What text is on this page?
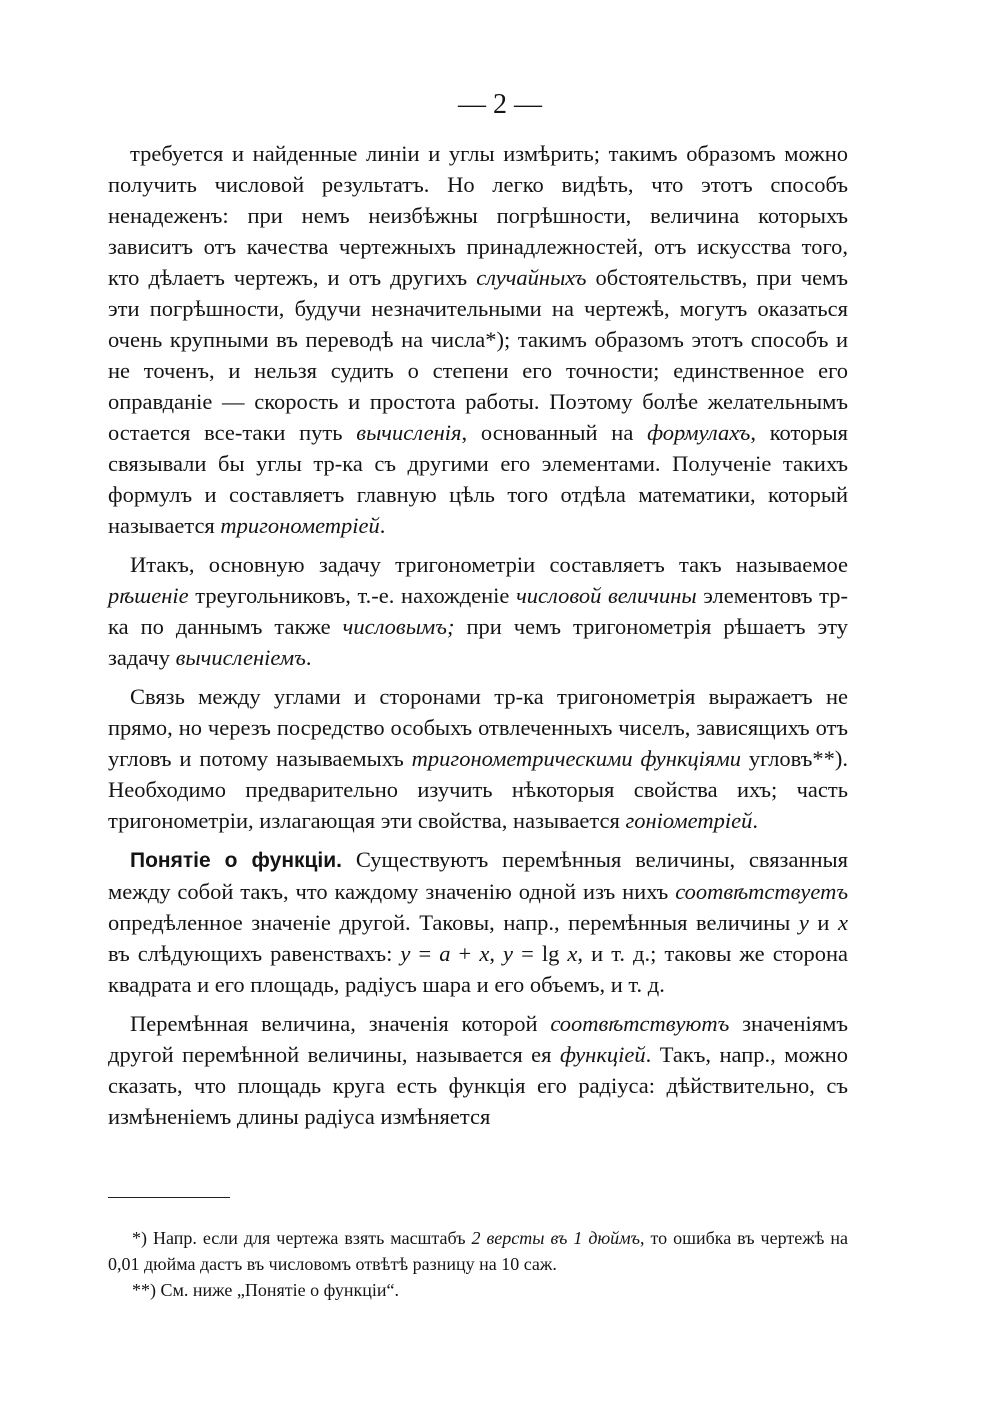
— 2 —

требуется и найденные линіи и углы измѣрить; такимъ образомъ можно получить числовой результатъ. Но легко видѣть, что этотъ способъ ненадеженъ: при немъ неизбѣжны погрѣшности, величина которыхъ зависитъ отъ качества чертежныхъ принадлежностей, отъ искусства того, кто дѣлаетъ чертежъ, и отъ другихъ случайныхъ обстоятельствъ, при чемъ эти погрѣшности, будучи незначительными на чертежѣ, могутъ оказаться очень крупными въ переводѣ на числа*); такимъ образомъ этотъ способъ и не точенъ, и нельзя судить о степени его точности; единственное его оправданіе — скорость и простота работы. Поэтому болѣе желательнымъ остается все-таки путь вычисленія, основанный на формулахъ, которыя связывали бы углы тр-ка съ другими его элементами. Полученіе такихъ формулъ и составляетъ главную цѣль того отдѣла математики, который называется тригонометріей.

Итакъ, основную задачу тригонометріи составляетъ такъ называемое рѣшеніе треугольниковъ, т.-е. нахожденіе числовой величины элементовъ тр-ка по даннымъ также числовымъ; при чемъ тригонометрія рѣшаетъ эту задачу вычисленіемъ.

Связь между углами и сторонами тр-ка тригонометрія выражаетъ не прямо, но черезъ посредство особыхъ отвлеченныхъ чиселъ, зависящихъ отъ угловъ и потому называемыхъ тригонометрическими функціями угловъ**). Необходимо предварительно изучить нѣкоторыя свойства ихъ; часть тригонометріи, излагающая эти свойства, называется гоніометріей.

Понятіе о функціи. Существуютъ перемѣнныя величины, связанныя между собой такъ, что каждому значенію одной изъ нихъ соотвѣтствуетъ опредѣленное значеніе другой. Таковы, напр., перемѣнныя величины y и x въ слѣдующихъ равенствахъ: y = a + x, y = lg x, и т. д.; таковы же сторона квадрата и его площадь, радіусъ шара и его объемъ, и т. д.

Перемѣнная величина, значенія которой соотвѣтствуютъ значеніямъ другой перемѣнной величины, называется ея функціей. Такъ, напр., можно сказать, что площадь круга есть функція его радіуса: дѣйствительно, съ измѣненіемъ длины радіуса измѣняется

*) Напр. если для чертежа взять масштабъ 2 версты въ 1 дюймъ, то ошибка въ чертежѣ на 0,01 дюйма дастъ въ числовомъ отвѣтѣ разницу на 10 саж.

**) См. ниже „Понятіе о функціи“.
